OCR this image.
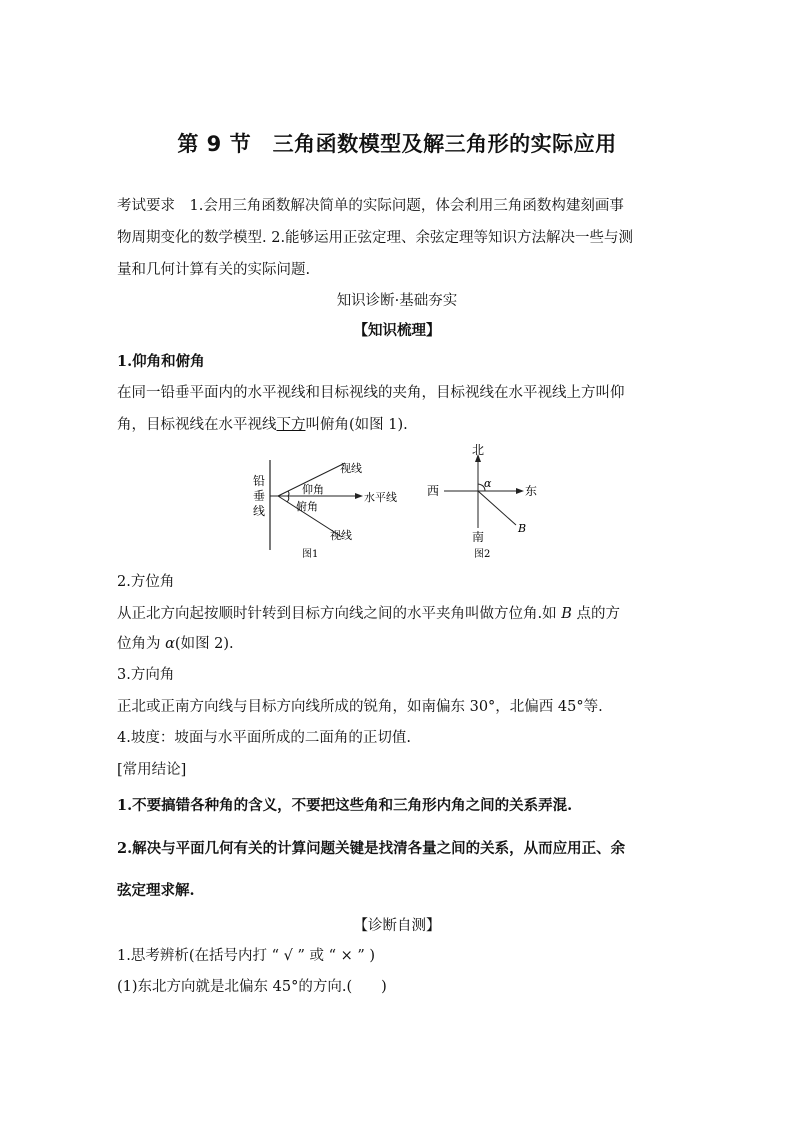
第 9 节　三角函数模型及解三角形的实际应用
考试要求　1.会用三角函数解决简单的实际问题，体会利用三角函数构建刻画事
物周期变化的数学模型. 2.能够运用正弦定理、余弦定理等知识方法解决一些与测
量和几何计算有关的实际问题.
知识诊断·基础夯实
【知识梳理】
1.仰角和俯角
在同一铅垂平面内的水平视线和目标视线的夹角，目标视线在水平视线上方叫仰
角，目标视线在水平视线下方叫俯角(如图 1).
铅
垂
线
视线
仰角
水平线
俯角
视线
图1
北
西	东
南
α
B
图2
2.方位角
从正北方向起按顺时针转到目标方向线之间的水平夹角叫做方位角.如 B 点的方
位角为 α(如图 2).
3.方向角
正北或正南方向线与目标方向线所成的锐角，如南偏东 30°，北偏西 45°等.
4.坡度：坡面与水平面所成的二面角的正切值.
[常用结论]
1.不要搞错各种角的含义，不要把这些角和三角形内角之间的关系弄混.
2.解决与平面几何有关的计算问题关键是找清各量之间的关系，从而应用正、余
弦定理求解.
【诊断自测】
1.思考辨析(在括号内打 “ √ ” 或 “ × ” )
(1)东北方向就是北偏东 45°的方向.(　　)
